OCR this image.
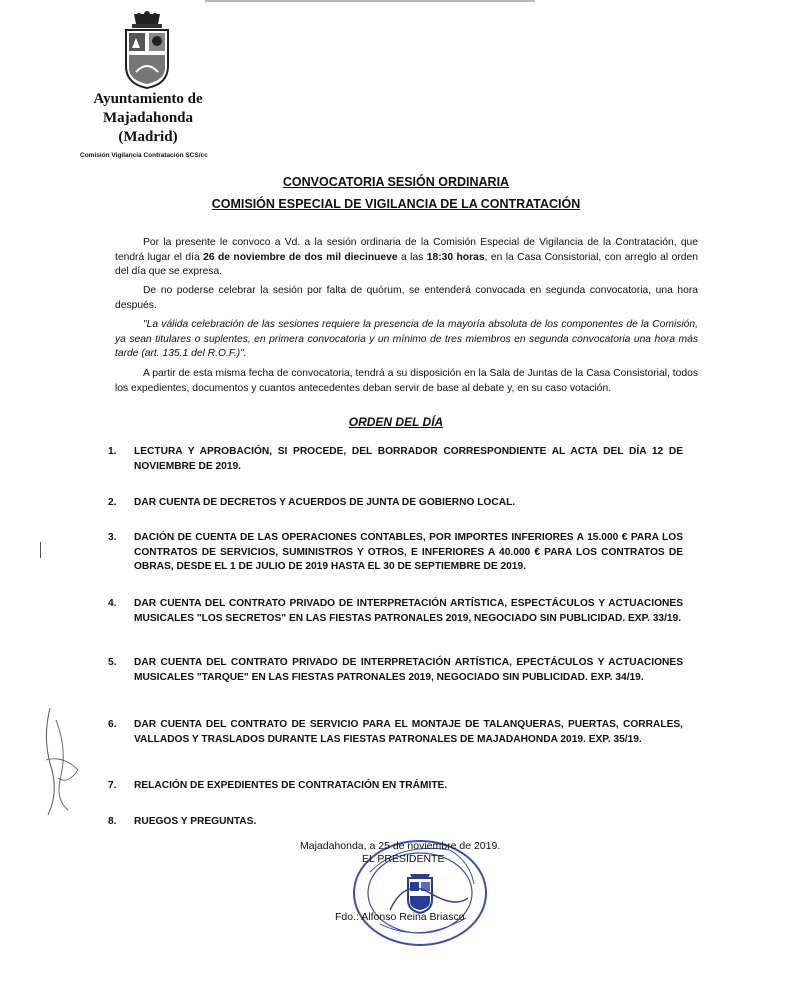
Ayuntamiento de
Majadahonda
(Madrid)
Comisión Vigilancia Contratación SCS/cc
CONVOCATORIA SESIÓN ORDINARIA
COMISIÓN ESPECIAL DE VIGILANCIA DE LA CONTRATACIÓN
Por la presente le convoco a Vd. a la sesión ordinaria de la Comisión Especial de Vigilancia de la Contratación, que tendrá lugar el día 26 de noviembre de dos mil diecinueve a las 18:30 horas, en la Casa Consistorial, con arreglo al orden del día que se expresa.
De no poderse celebrar la sesión por falta de quórum, se entenderá convocada en segunda convocatoria, una hora después.
"La válida celebración de las sesiones requiere la presencia de la mayoría absoluta de los componentes de la Comisión, ya sean titulares o suplentes, en primera convocatoria y un mínimo de tres miembros en segunda convocatoria una hora más tarde (art. 135.1 del R.O.F.)".
A partir de esta misma fecha de convocatoria, tendrá a su disposición en la Sala de Juntas de la Casa Consistorial, todos los expedientes, documentos y cuantos antecedentes deban servir de base al debate y, en su caso votación.
ORDEN DEL DÍA
1. LECTURA Y APROBACIÓN, SI PROCEDE, DEL BORRADOR CORRESPONDIENTE AL ACTA DEL DÍA 12 DE NOVIEMBRE DE 2019.
2. DAR CUENTA DE DECRETOS Y ACUERDOS DE JUNTA DE GOBIERNO LOCAL.
3. DACIÓN DE CUENTA DE LAS OPERACIONES CONTABLES, POR IMPORTES INFERIORES A 15.000 € PARA LOS CONTRATOS DE SERVICIOS, SUMINISTROS Y OTROS, E INFERIORES A 40.000 € PARA LOS CONTRATOS DE OBRAS, DESDE EL 1 DE JULIO DE 2019 HASTA EL 30 DE SEPTIEMBRE DE 2019.
4. DAR CUENTA DEL CONTRATO PRIVADO DE INTERPRETACIÓN ARTÍSTICA, ESPECTÁCULOS Y ACTUACIONES MUSICALES "LOS SECRETOS" EN LAS FIESTAS PATRONALES 2019, NEGOCIADO SIN PUBLICIDAD. EXP. 33/19.
5. DAR CUENTA DEL CONTRATO PRIVADO DE INTERPRETACIÓN ARTÍSTICA, EPECTÁCULOS Y ACTUACIONES MUSICALES "TARQUE" EN LAS FIESTAS PATRONALES 2019, NEGOCIADO SIN PUBLICIDAD. EXP. 34/19.
6. DAR CUENTA DEL CONTRATO DE SERVICIO PARA EL MONTAJE DE TALANQUERAS, PUERTAS, CORRALES, VALLADOS Y TRASLADOS DURANTE LAS FIESTAS PATRONALES DE MAJADAHONDA 2019. EXP. 35/19.
7. RELACIÓN DE EXPEDIENTES DE CONTRATACIÓN EN TRÁMITE.
8. RUEGOS Y PREGUNTAS.
Majadahonda, a 25 de noviembre de 2019.
EL PRESIDENTE
Fdo.: Alfonso Reina Briasco
